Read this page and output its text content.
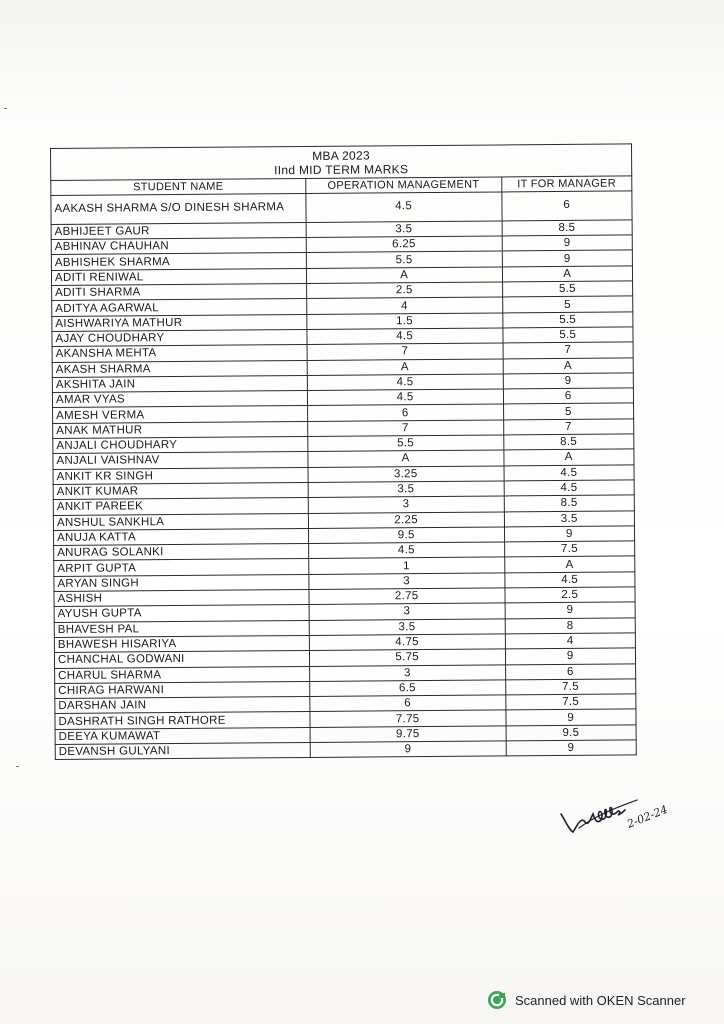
MBA 2023		
IInd MID TERM MARKS		
STUDENT NAME	OPERATION MANAGEMENT	IT FOR MANAGER
AAKASH SHARMA S/O DINESH SHARMA	4.5	6
ABHIJEET GAUR	3.5	8.5
ABHINAV CHAUHAN	6.25	9
ABHISHEK SHARMA	5.5	9
ADITI RENIWAL	A	A
ADITI SHARMA	2.5	5.5
ADITYA AGARWAL	4	5
AISHWARIYA MATHUR	1.5	5.5
AJAY CHOUDHARY	4.5	5.5
AKANSHA MEHTA	7	7
AKASH SHARMA	A	A
AKSHITA JAIN	4.5	9
AMAR VYAS	4.5	6
AMESH VERMA	6	5
ANAK MATHUR	7	7
ANJALI CHOUDHARY	5.5	8.5
ANJALI VAISHNAV	A	A
ANKIT KR SINGH	3.25	4.5
ANKIT KUMAR	3.5	4.5
ANKIT PAREEK	3	8.5
ANSHUL SANKHLA	2.25	3.5
ANUJA KATTA	9.5	9
ANURAG SOLANKI	4.5	7.5
ARPIT GUPTA	1	A
ARYAN SINGH	3	4.5
ASHISH	2.75	2.5
AYUSH GUPTA	3	9
BHAVESH PAL	3.5	8
BHAWESH HISARIYA	4.75	4
CHANCHAL GODWANI	5.75	9
CHARUL SHARMA	3	6
CHIRAG HARWANI	6.5	7.5
DARSHAN JAIN	6	7.5
DASHRATH SINGH RATHORE	7.75	9
DEEYA KUMAWAT	9.75	9.5
DEVANSH GULYANI	9	9
2-02-24
Scanned with OKEN Scanner
